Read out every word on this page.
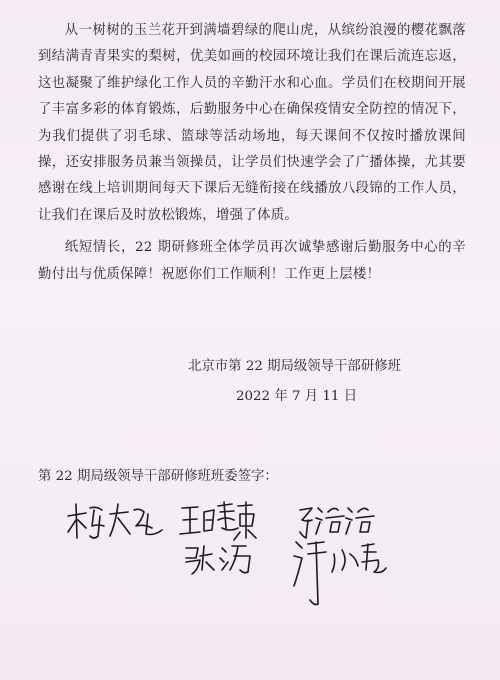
从一树树的玉兰花开到满墙碧绿的爬山虎，从缤纷浪漫的樱花飘落到结满青青果实的梨树，优美如画的校园环境让我们在课后流连忘返，这也凝聚了维护绿化工作人员的辛勤汗水和心血。学员们在校期间开展了丰富多彩的体育锻炼，后勤服务中心在确保疫情安全防控的情况下，为我们提供了羽毛球、篮球等活动场地，每天课间不仅按时播放课间操，还安排服务员兼当领操员，让学员们快速学会了广播体操，尤其要感谢在线上培训期间每天下课后无缝衔接在线播放八段锦的工作人员，让我们在课后及时放松锻炼，增强了体质。

纸短情长，22 期研修班全体学员再次诚挚感谢后勤服务中心的辛勤付出与优质保障！祝愿你们工作顺利！工作更上层楼！

北京市第 22 期局级领导干部研修班
2022 年 7 月 11 日
第 22 期局级领导干部研修班班委签字：
